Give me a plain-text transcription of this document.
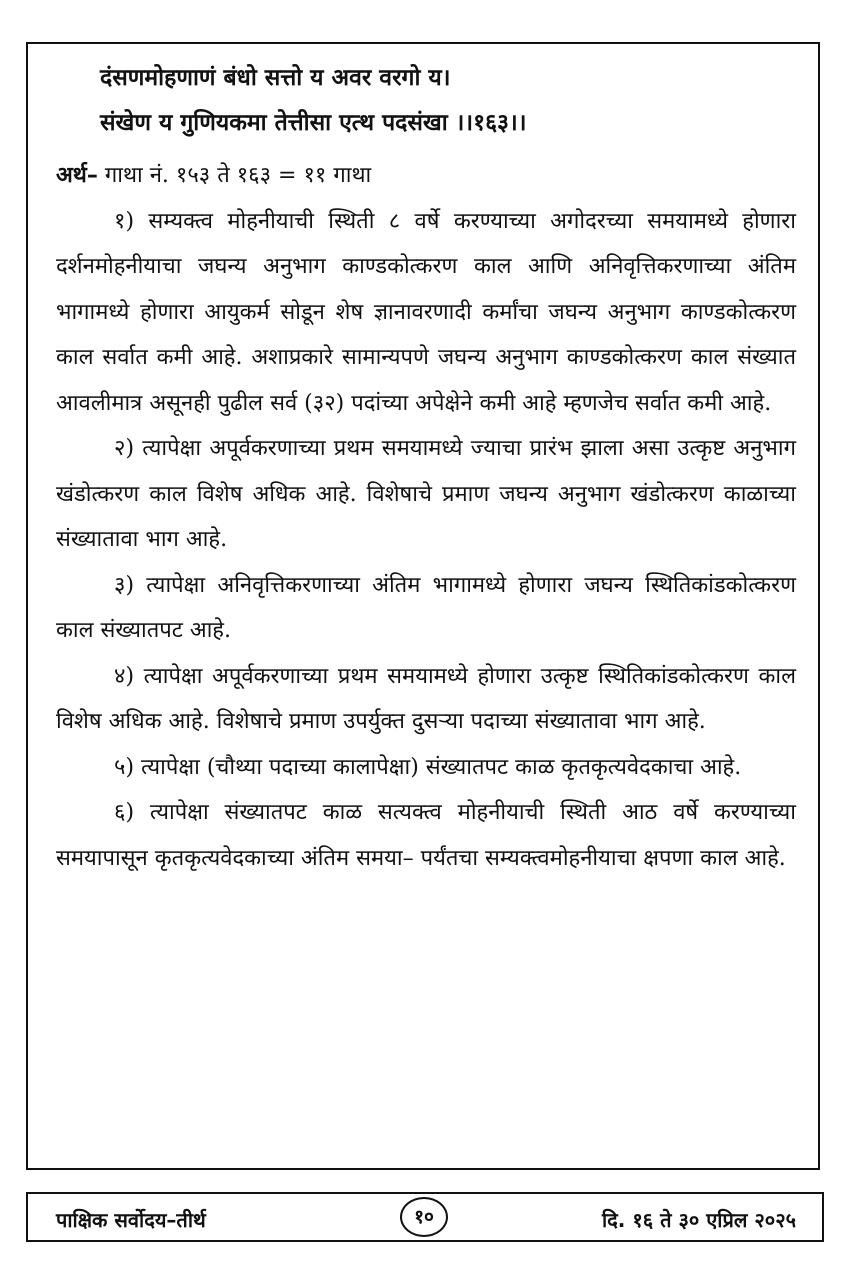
दंसणमोहणाणं बंधो सत्तो य अवर वरगो य।
संखेण य गुणियकमा तेत्तीसा एत्थ पदसंखा ।।१६३।।

अर्थ– गाथा नं. १५३ ते १६३ = ११ गाथा

१) सम्यक्त्व मोहनीयाची स्थिती ८ वर्षे करण्याच्या अगोदरच्या समयामध्ये होणारा दर्शनमोहनीयाचा जघन्य अनुभाग काण्डकोत्करण काल आणि अनिवृत्तिकरणाच्या अंतिम भागामध्ये होणारा आयुकर्म सोडून शेष ज्ञानावरणादी कर्मांचा जघन्य अनुभाग काण्डकोत्करण काल सर्वात कमी आहे. अशाप्रकारे सामान्यपणे जघन्य अनुभाग काण्डकोत्करण काल संख्यात आवलीमात्र असूनही पुढील सर्व (३२) पदांच्या अपेक्षेने कमी आहे म्हणजेच सर्वात कमी आहे.

२) त्यापेक्षा अपूर्वकरणाच्या प्रथम समयामध्ये ज्याचा प्रारंभ झाला असा उत्कृष्ट अनुभाग खंडोत्करण काल विशेष अधिक आहे. विशेषाचे प्रमाण जघन्य अनुभाग खंडोत्करण काळाच्या संख्यातावा भाग आहे.

३) त्यापेक्षा अनिवृत्तिकरणाच्या अंतिम भागामध्ये होणारा जघन्य स्थितिकांडकोत्करण काल संख्यातपट आहे.

४) त्यापेक्षा अपूर्वकरणाच्या प्रथम समयामध्ये होणारा उत्कृष्ट स्थितिकांडकोत्करण काल विशेष अधिक आहे. विशेषाचे प्रमाण उपर्युक्त दुसऱ्या पदाच्या संख्यातावा भाग आहे.

५) त्यापेक्षा (चौथ्या पदाच्या कालापेक्षा) संख्यातपट काळ कृतकृत्यवेदकाचा आहे.

६) त्यापेक्षा संख्यातपट काळ सत्यक्त्व मोहनीयाची स्थिती आठ वर्षे करण्याच्या समयापासून कृतकृत्यवेदकाच्या अंतिम समया– पर्यंतचा सम्यक्त्वमोहनीयाचा क्षपणा काल आहे.

पाक्षिक सर्वोदय–तीर्थ	१०	दि. १६ ते ३० एप्रिल २०२५
